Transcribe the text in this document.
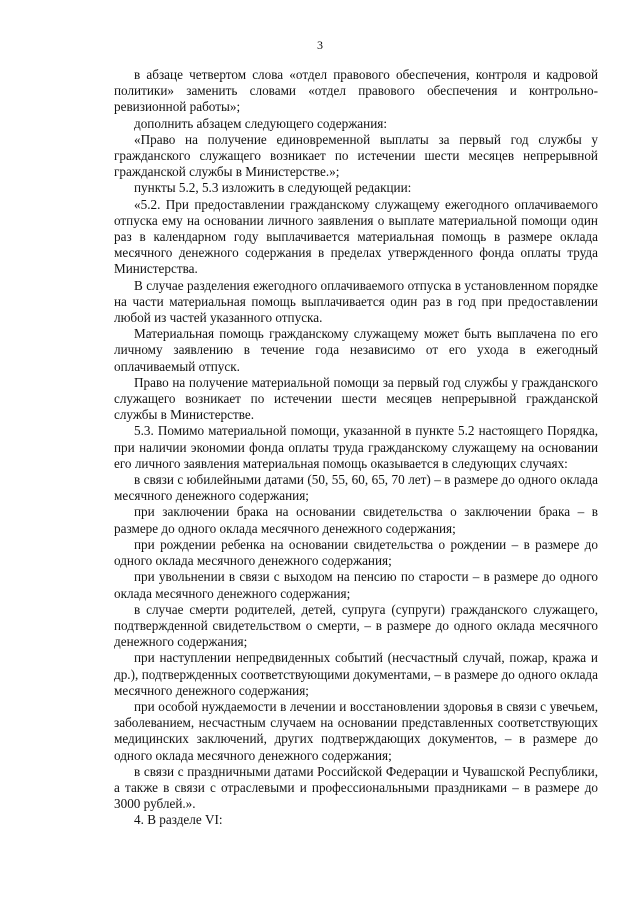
3

в абзаце четвертом слова «отдел правового обеспечения, контроля и кадровой политики» заменить словами «отдел правового обеспечения и контрольно-ревизионной работы»;

дополнить абзацем следующего содержания:

«Право на получение единовременной выплаты за первый год службы у гражданского служащего возникает по истечении шести месяцев непрерывной гражданской службы в Министерстве.»;

пункты 5.2, 5.3 изложить в следующей редакции:

«5.2. При предоставлении гражданскому служащему ежегодного оплачиваемого отпуска ему на основании личного заявления о выплате материальной помощи один раз в календарном году выплачивается материальная помощь в размере оклада месячного денежного содержания в пределах утвержденного фонда оплаты труда Министерства.

В случае разделения ежегодного оплачиваемого отпуска в установленном порядке на части материальная помощь выплачивается один раз в год при предоставлении любой из частей указанного отпуска.

Материальная помощь гражданскому служащему может быть выплачена по его личному заявлению в течение года независимо от его ухода в ежегодный оплачиваемый отпуск.

Право на получение материальной помощи за первый год службы у гражданского служащего возникает по истечении шести месяцев непрерывной гражданской службы в Министерстве.

5.3. Помимо материальной помощи, указанной в пункте 5.2 настоящего Порядка, при наличии экономии фонда оплаты труда гражданскому служащему на основании его личного заявления материальная помощь оказывается в следующих случаях:

в связи с юбилейными датами (50, 55, 60, 65, 70 лет) – в размере до одного оклада месячного денежного содержания;

при заключении брака на основании свидетельства о заключении брака – в размере до одного оклада месячного денежного содержания;

при рождении ребенка на основании свидетельства о рождении – в размере до одного оклада месячного денежного содержания;

при увольнении в связи с выходом на пенсию по старости – в размере до одного оклада месячного денежного содержания;

в случае смерти родителей, детей, супруга (супруги) гражданского служащего, подтвержденной свидетельством о смерти, – в размере до одного оклада месячного денежного содержания;

при наступлении непредвиденных событий (несчастный случай, пожар, кража и др.), подтвержденных соответствующими документами, – в размере до одного оклада месячного денежного содержания;

при особой нуждаемости в лечении и восстановлении здоровья в связи с увечьем, заболеванием, несчастным случаем на основании представленных соответствующих медицинских заключений, других подтверждающих документов, – в размере до одного оклада месячного денежного содержания;

в связи с праздничными датами Российской Федерации и Чувашской Республики, а также в связи с отраслевыми и профессиональными праздниками – в размере до 3000 рублей.».

4. В разделе VI:
